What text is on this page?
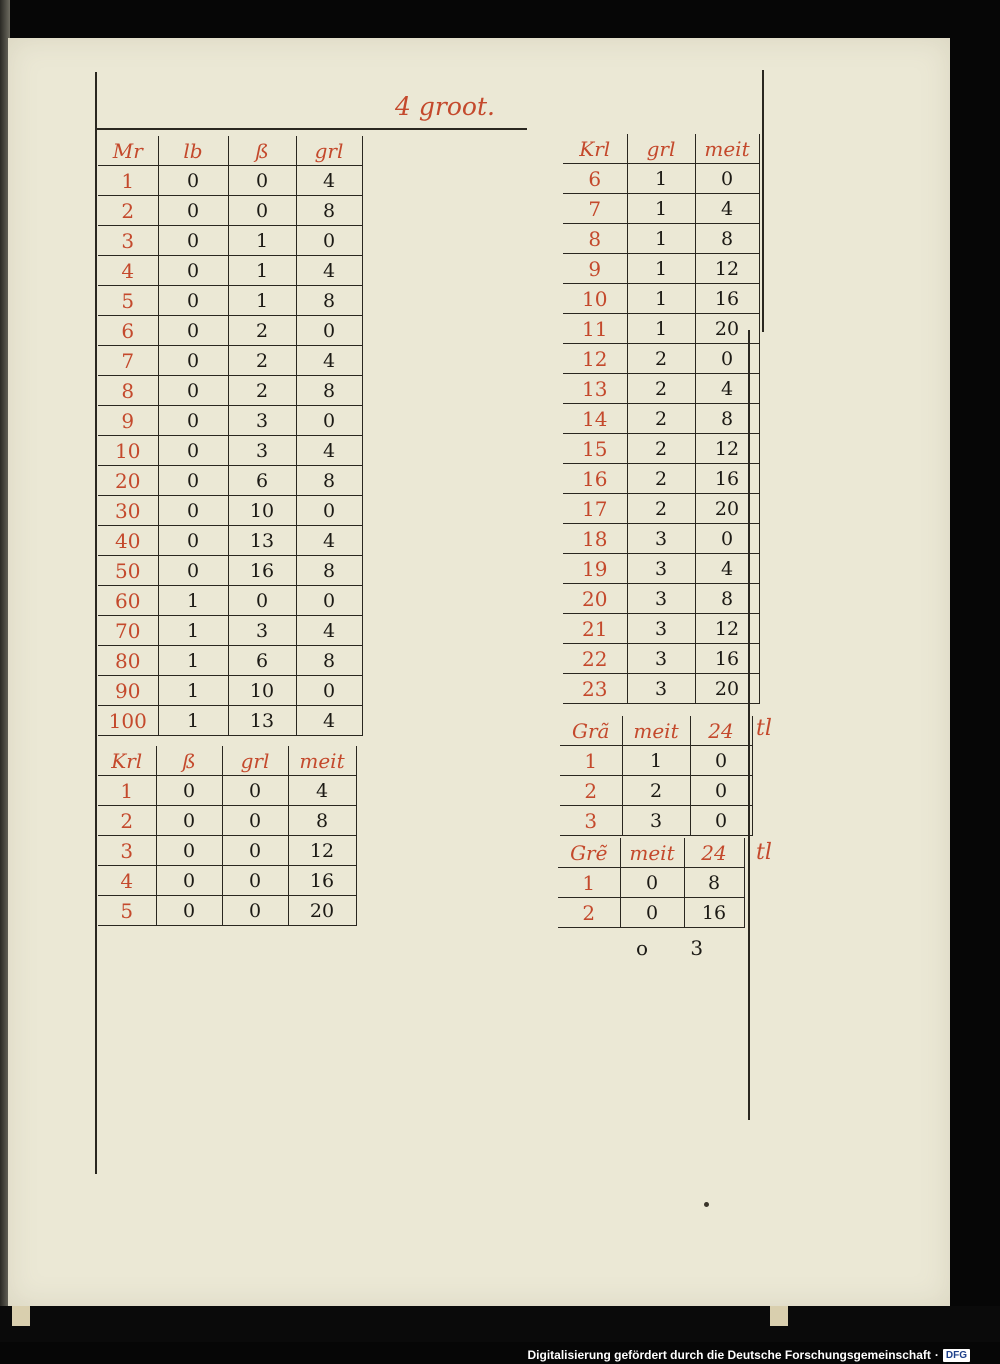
4 groot.
Mr	lb	ß	grl
1	0	0	4
2	0	0	8
3	0	1	0
4	0	1	4
5	0	1	8
6	0	2	0
7	0	2	4
8	0	2	8
9	0	3	0
10	0	3	4
20	0	6	8
30	0	10	0
40	0	13	4
50	0	16	8
60	1	0	0
70	1	3	4
80	1	6	8
90	1	10	0
100	1	13	4
Krl	ß	grl	meit
1	0	0	4
2	0	0	8
3	0	0	12
4	0	0	16
5	0	0	20
Krl	grl	meit
6	1	0
7	1	4
8	1	8
9	1	12
10	1	16
11	1	20
12	2	0
13	2	4
14	2	8
15	2	12
16	2	16
17	2	20
18	3	0
19	3	4
20	3	8
21	3	12
22	3	16
23	3	20
Grã	meit	24
1	1	0
2	2	0
3	3	0
tl
Grẽ	meit	24
1	0	8
2	0	16
tl
o 3
Digitalisierung gefördert durch die Deutsche Forschungsgemeinschaft · DFG
